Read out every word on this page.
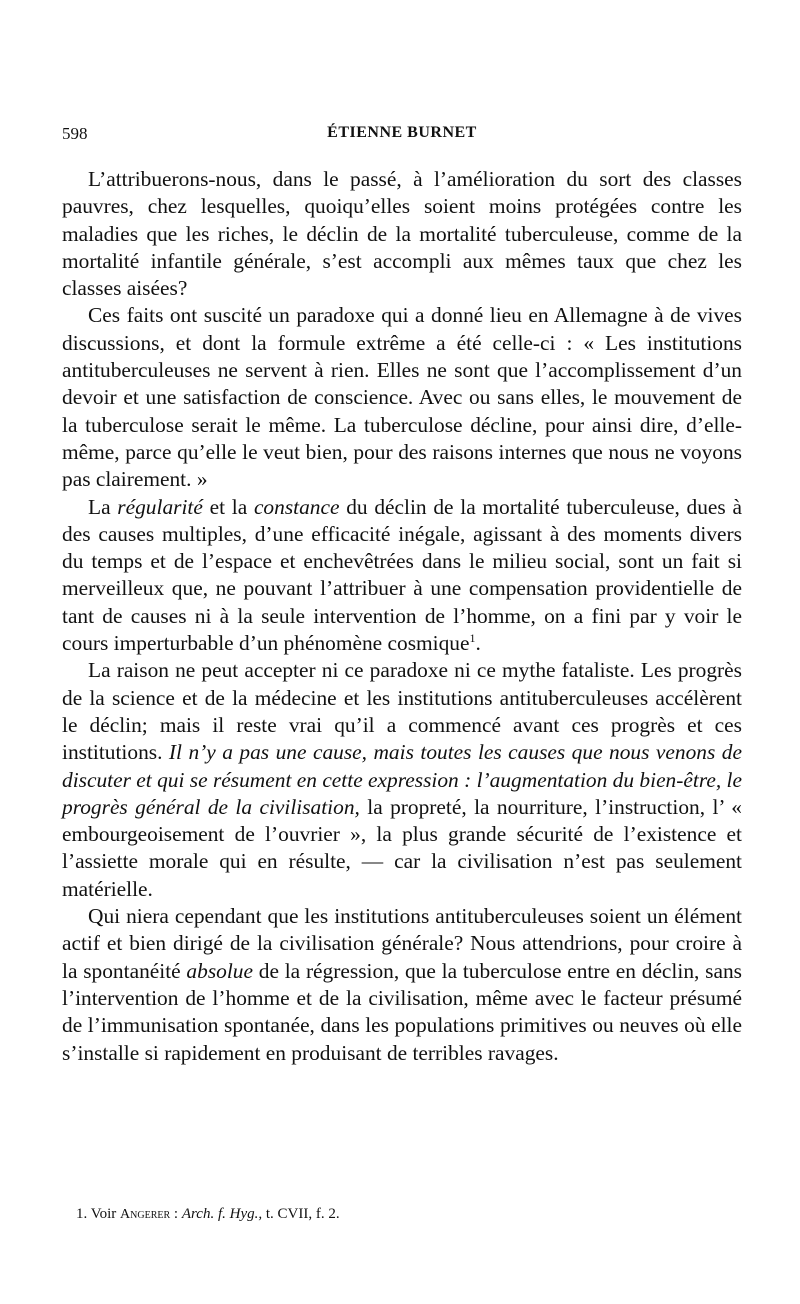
598	ÉTIENNE BURNET

L’attribuerons-nous, dans le passé, à l’amélioration du sort des classes pauvres, chez lesquelles, quoiqu’elles soient moins protégées contre les maladies que les riches, le déclin de la mortalité tuberculeuse, comme de la mortalité infantile générale, s’est accompli aux mêmes taux que chez les classes aisées?

Ces faits ont suscité un paradoxe qui a donné lieu en Allemagne à de vives discussions, et dont la formule extrême a été celle-ci : « Les institutions antituberculeuses ne servent à rien. Elles ne sont que l’accomplissement d’un devoir et une satisfaction de conscience. Avec ou sans elles, le mouvement de la tuberculose serait le même. La tuberculose décline, pour ainsi dire, d’elle-même, parce qu’elle le veut bien, pour des raisons internes que nous ne voyons pas clairement. »

La régularité et la constance du déclin de la mortalité tuberculeuse, dues à des causes multiples, d’une efficacité inégale, agissant à des moments divers du temps et de l’espace et enchevêtrées dans le milieu social, sont un fait si merveilleux que, ne pouvant l’attribuer à une compensation providentielle de tant de causes ni à la seule intervention de l’homme, on a fini par y voir le cours imperturbable d’un phénomène cosmique$^1$.

La raison ne peut accepter ni ce paradoxe ni ce mythe fataliste. Les progrès de la science et de la médecine et les institutions antituberculeuses accélèrent le déclin; mais il reste vrai qu’il a commencé avant ces progrès et ces institutions. Il n’y a pas une cause, mais toutes les causes que nous venons de discuter et qui se résument en cette expression : l’augmentation du bien-être, le progrès général de la civilisation, la propreté, la nourriture, l’instruction, l’ « embourgeoisement de l’ouvrier », la plus grande sécurité de l’existence et l’assiette morale qui en résulte, — car la civilisation n’est pas seulement matérielle.

Qui niera cependant que les institutions antituberculeuses soient un élément actif et bien dirigé de la civilisation générale? Nous attendrions, pour croire à la spontanéité absolue de la régression, que la tuberculose entre en déclin, sans l’intervention de l’homme et de la civilisation, même avec le facteur présumé de l’immunisation spontanée, dans les populations primitives ou neuves où elle s’installe si rapidement en produisant de terribles ravages.

1. Voir Angerer : Arch. f. Hyg., t. CVII, f. 2.
